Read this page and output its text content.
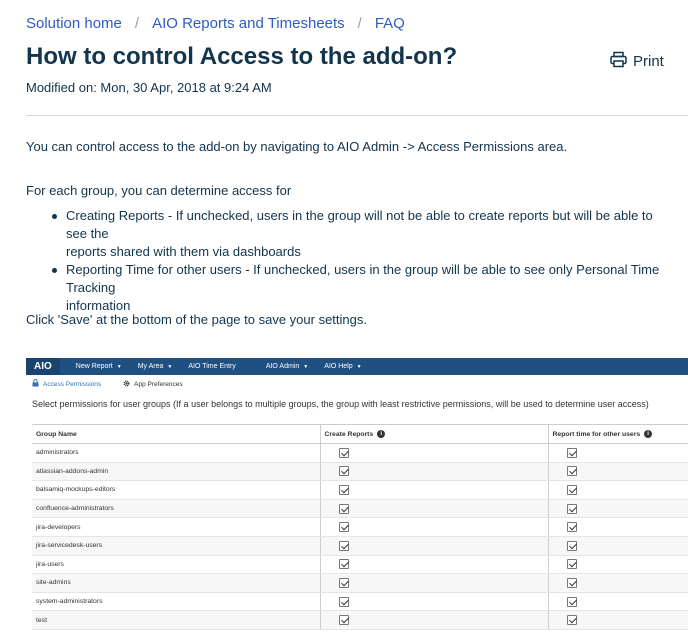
Solution home / AIO Reports and Timesheets / FAQ
How to control Access to the add-on?	Print
Modified on: Mon, 30 Apr, 2018 at 9:24 AM

You can control access to the add-on by navigating to AIO Admin -> Access Permissions area.

For each group, you can determine access for

Creating Reports - If unchecked, users in the group will not be able to create reports but will be able to see the
reports shared with them via dashboards
Reporting Time for other users - If unchecked, users in the group will be able to see only Personal Time Tracking
information

Click 'Save' at the bottom of the page to save your settings.

AIO	New Report ▼ My Area ▼ AIO Time Entry	AIO Admin ▼ AIO Help ▼
Access Permissions	App Preferences
Select permissions for user groups (If a user belongs to multiple groups, the group with least restrictive permissions, will be used to determine user access)
Group Name	Create Reports i	Report time for other users i
administrators		
atlassian-addons-admin		
balsamiq-mockups-editors		
confluence-administrators		
jira-developers		
jira-servicedesk-users		
jira-users		
site-admins		
system-administrators		
test		
